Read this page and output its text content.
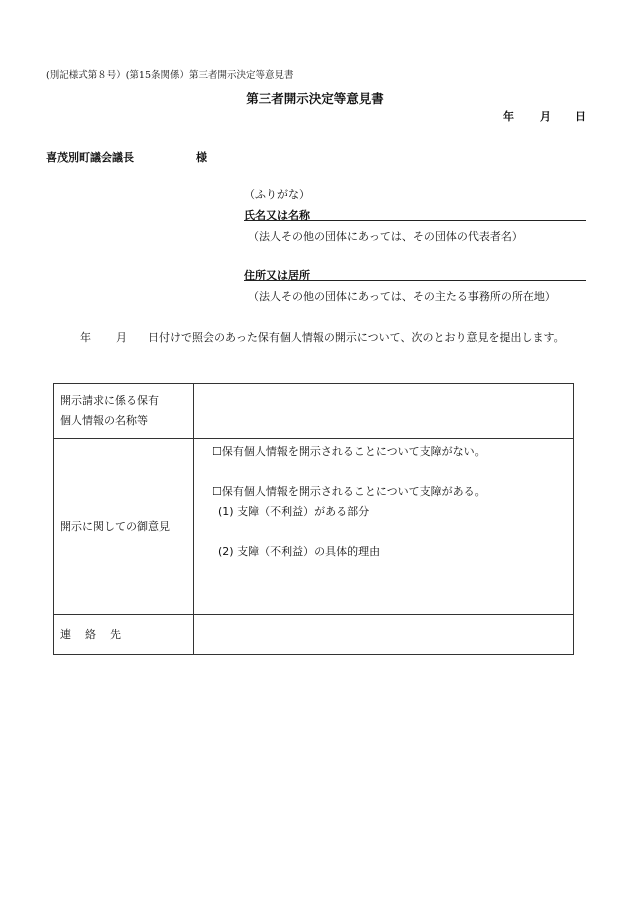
(別記様式第８号）(第15条関係）第三者開示決定等意見書
第三者開示決定等意見書
年 月 日
喜茂別町議会議長	様
（ふりがな）
氏名又は名称
（法人その他の団体にあっては、その団体の代表者名）
住所又は居所
（法人その他の団体にあっては、その主たる事務所の所在地）
年 月 日付けで照会のあった保有個人情報の開示について、次のとおり意見を提出します。
開示請求に係る保有
個人情報の名称等	

開示に関しての御意見	☐保有個人情報を開示されることについて支障がない。
☐保有個人情報を開示されることについて支障がある。
(1) 支障（不利益）がある部分
(2) 支障（不利益）の具体的理由

連 絡 先	
